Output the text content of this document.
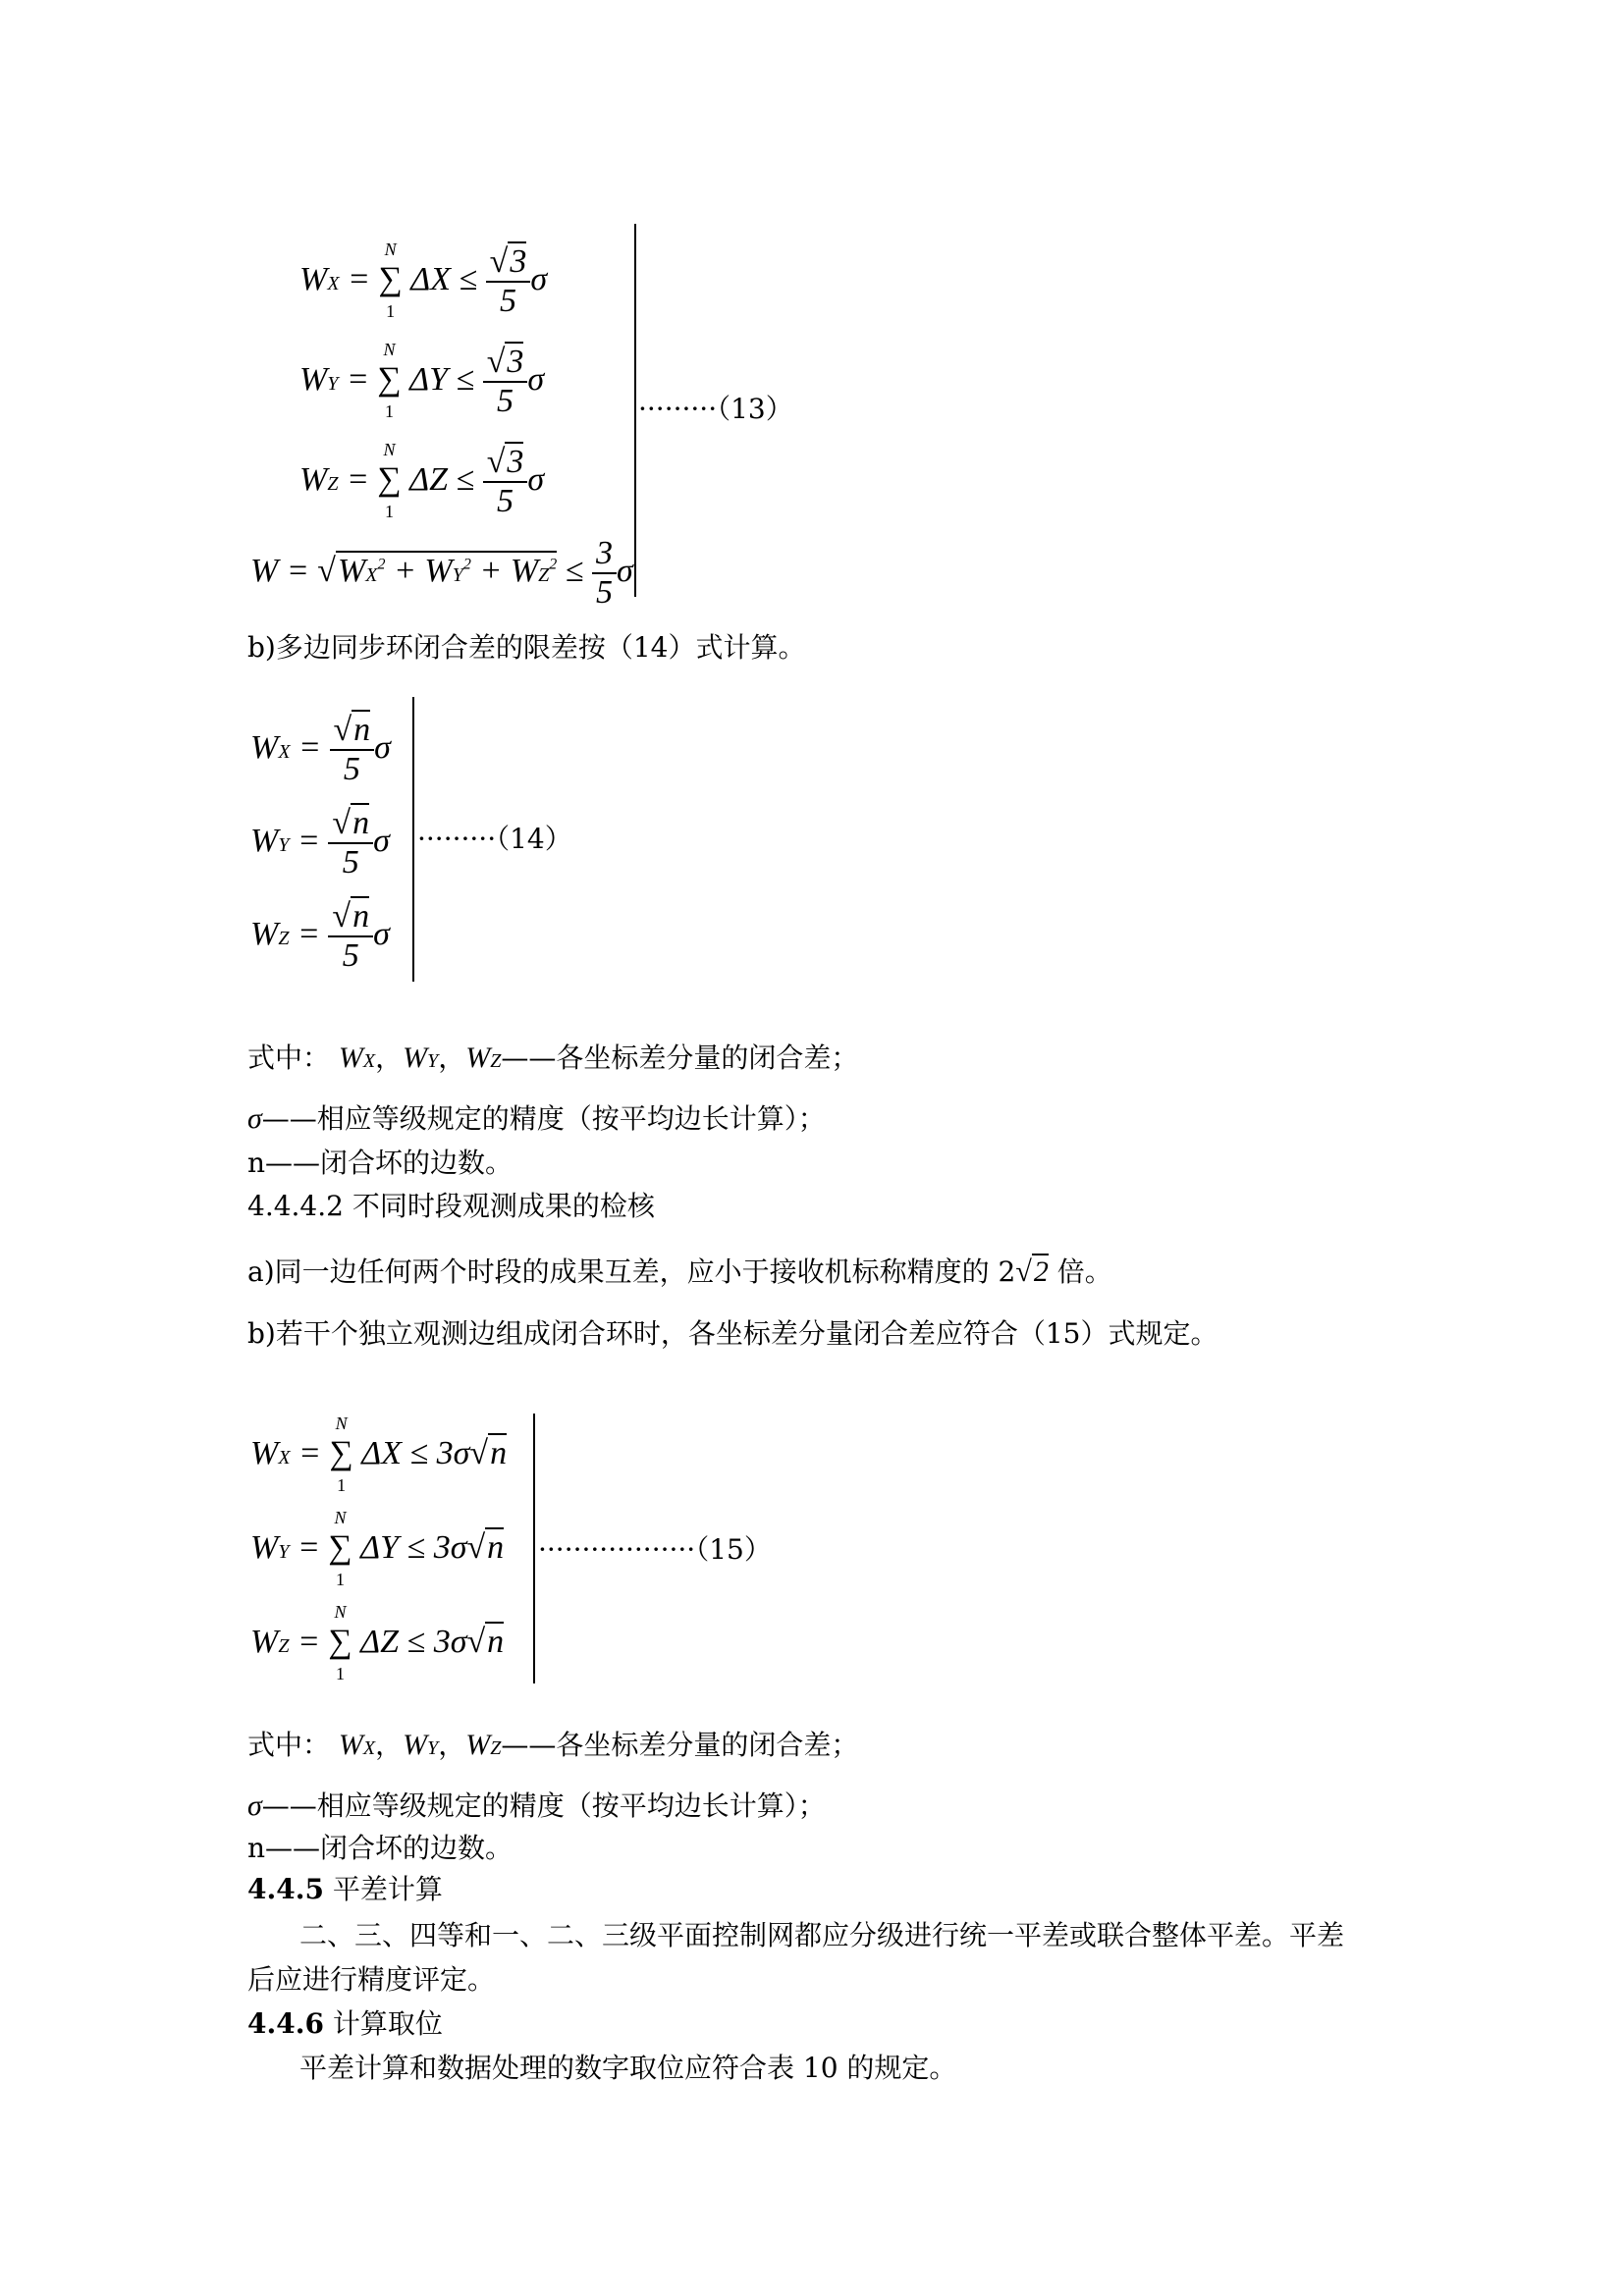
WX =
N
∑
1
$\Delta X \le \frac{√3}{5}$ σ
WY =
N
∑
1
$\Delta Y \le \frac{√3}{5}$ σ
WZ =
N
∑
1
$\Delta Z \le \frac{√3}{5}$ σ
$W = √WX^2 + WY^2 + WZ^2 \le \frac{3}{5}$ σ
·········（13）
b)多边同步环闭合差的限差按（14）式计算。
WX = $\frac{√n}{5}$ σ
WY = $\frac{√n}{5}$ σ
WZ = $\frac{√n}{5}$ σ
·········（14）
式中： WX，WY，WZ——各坐标差分量的闭合差；
σ——相应等级规定的精度（按平均边长计算）；
n——闭合坏的边数。
4.4.4.2 不同时段观测成果的检核
a)同一边任何两个时段的成果互差，应小于接收机标称精度的 2√2 倍。
b)若干个独立观测边组成闭合环时，各坐标差分量闭合差应符合（15）式规定。
WX =
N
∑
1
ΔX ≤ 3σ√n
WY =
N
∑
1
ΔY ≤ 3σ√n
WZ =
N
∑
1
ΔZ ≤ 3σ√n
··················（15）
式中： WX，WY，WZ——各坐标差分量的闭合差；
σ——相应等级规定的精度（按平均边长计算）；
n——闭合坏的边数。
4.4.5 平差计算
二、三、四等和一、二、三级平面控制网都应分级进行统一平差或联合整体平差。平差
后应进行精度评定。
4.4.6 计算取位
平差计算和数据处理的数字取位应符合表 10 的规定。
